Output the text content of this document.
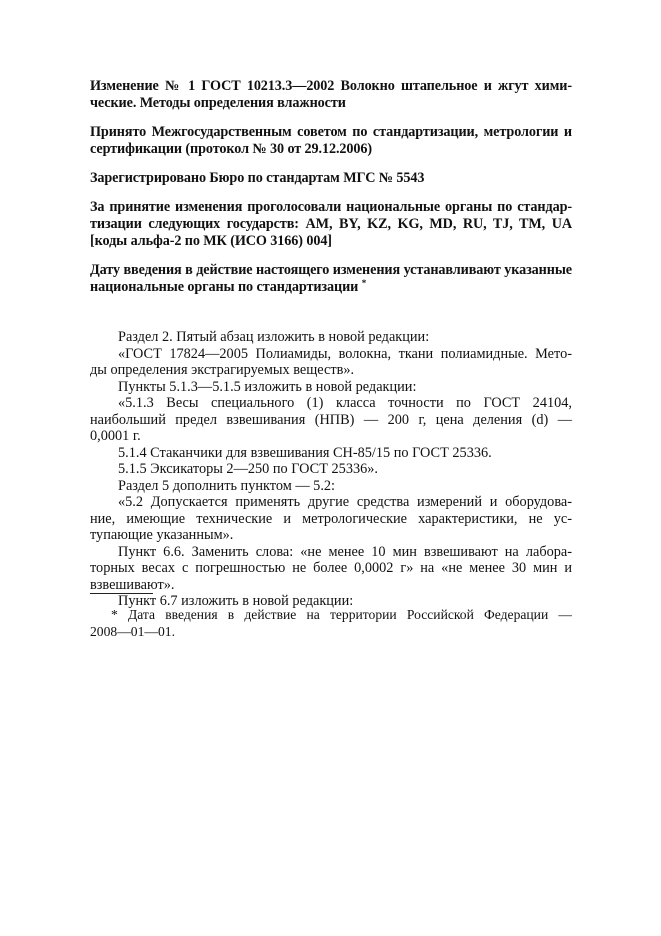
Изменение № 1 ГОСТ 10213.3—2002 Волокно штапельное и жгут хими-
ческие. Методы определения влажности
Принято Межгосударственным советом по стандартизации, метрологии и
сертификации (протокол № 30 от 29.12.2006)
Зарегистрировано Бюро по стандартам МГС № 5543
За принятие изменения проголосовали национальные органы по стандар-
тизации следующих государств: AM, BY, KZ, KG, MD, RU, TJ, TM, UA
[коды альфа-2 по МК (ИСО 3166) 004]
Дату введения в действие настоящего изменения устанавливают указанные
национальные органы по стандартизации *
Раздел 2. Пятый абзац изложить в новой редакции:
«ГОСТ 17824—2005 Полиамиды, волокна, ткани полиамидные. Мето-
ды определения экстрагируемых веществ».
Пункты 5.1.3—5.1.5 изложить в новой редакции:
«5.1.3 Весы специального (1) класса точности по ГОСТ 24104,
наибольший предел взвешивания (НПВ) — 200 г, цена деления (d) —
0,0001 г.
5.1.4 Стаканчики для взвешивания СН-85/15 по ГОСТ 25336.
5.1.5 Эксикаторы 2—250 по ГОСТ 25336».
Раздел 5 дополнить пунктом — 5.2:
«5.2 Допускается применять другие средства измерений и оборудова-
ние, имеющие технические и метрологические характеристики, не ус-
тупающие указанным».
Пункт 6.6. Заменить слова: «не менее 10 мин взвешивают на лабора-
торных весах с погрешностью не более 0,0002 г» на «не менее 30 мин и
взвешивают».
Пункт 6.7 изложить в новой редакции:
* Дата введения в действие на территории Российской Федерации —
2008—01—01.
